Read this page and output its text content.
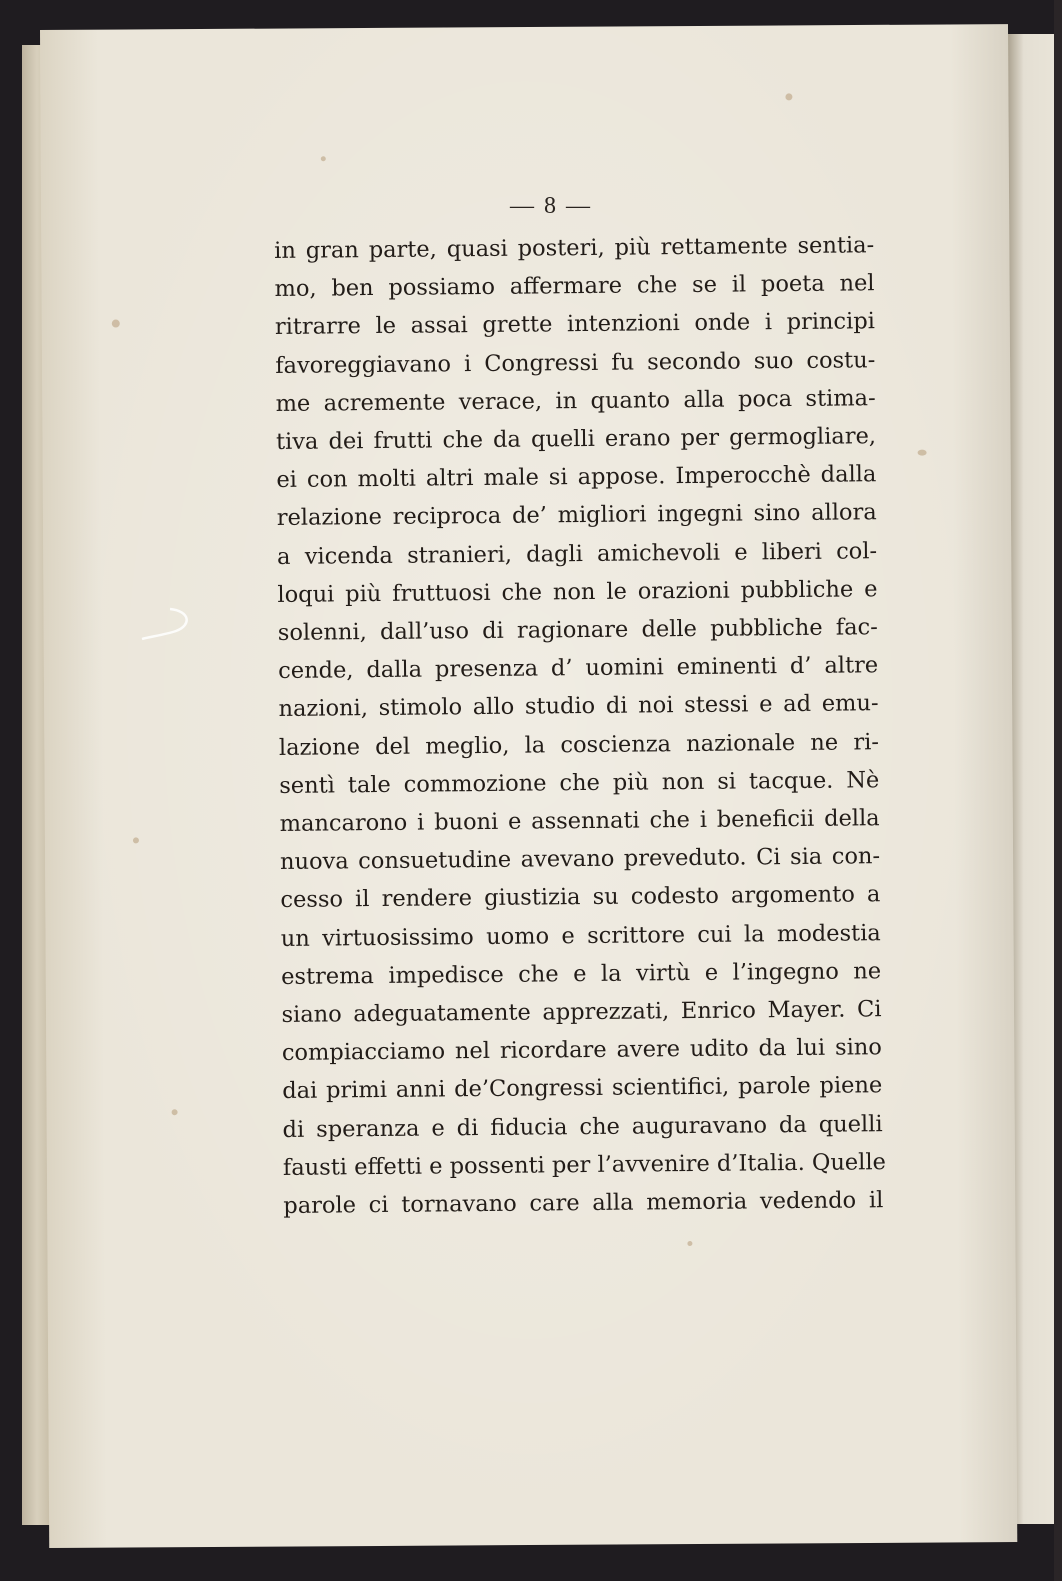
— 8 —
in gran parte, quasi posteri, più rettamente sentia-
mo, ben possiamo affermare che se il poeta nel
ritrarre le assai grette intenzioni onde i principi
favoreggiavano i Congressi fu secondo suo costu-
me acremente verace, in quanto alla poca stima-
tiva dei frutti che da quelli erano per germogliare,
ei con molti altri male si appose. Imperocchè dalla
relazione reciproca de’ migliori ingegni sino allora
a vicenda stranieri, dagli amichevoli e liberi col-
loqui più fruttuosi che non le orazioni pubbliche e
solenni, dall’uso di ragionare delle pubbliche fac-
cende, dalla presenza d’ uomini eminenti d’ altre
nazioni, stimolo allo studio di noi stessi e ad emu-
lazione del meglio, la coscienza nazionale ne ri-
sentì tale commozione che più non si tacque. Nè
mancarono i buoni e assennati che i beneficii della
nuova consuetudine avevano preveduto. Ci sia con-
cesso il rendere giustizia su codesto argomento a
un virtuosissimo uomo e scrittore cui la modestia
estrema impedisce che e la virtù e l’ingegno ne
siano adeguatamente apprezzati, Enrico Mayer. Ci
compiacciamo nel ricordare avere udito da lui sino
dai primi anni de’Congressi scientifici, parole piene
di speranza e di fiducia che auguravano da quelli
fausti effetti e possenti per l’avvenire d’Italia. Quelle
parole ci tornavano care alla memoria vedendo il
